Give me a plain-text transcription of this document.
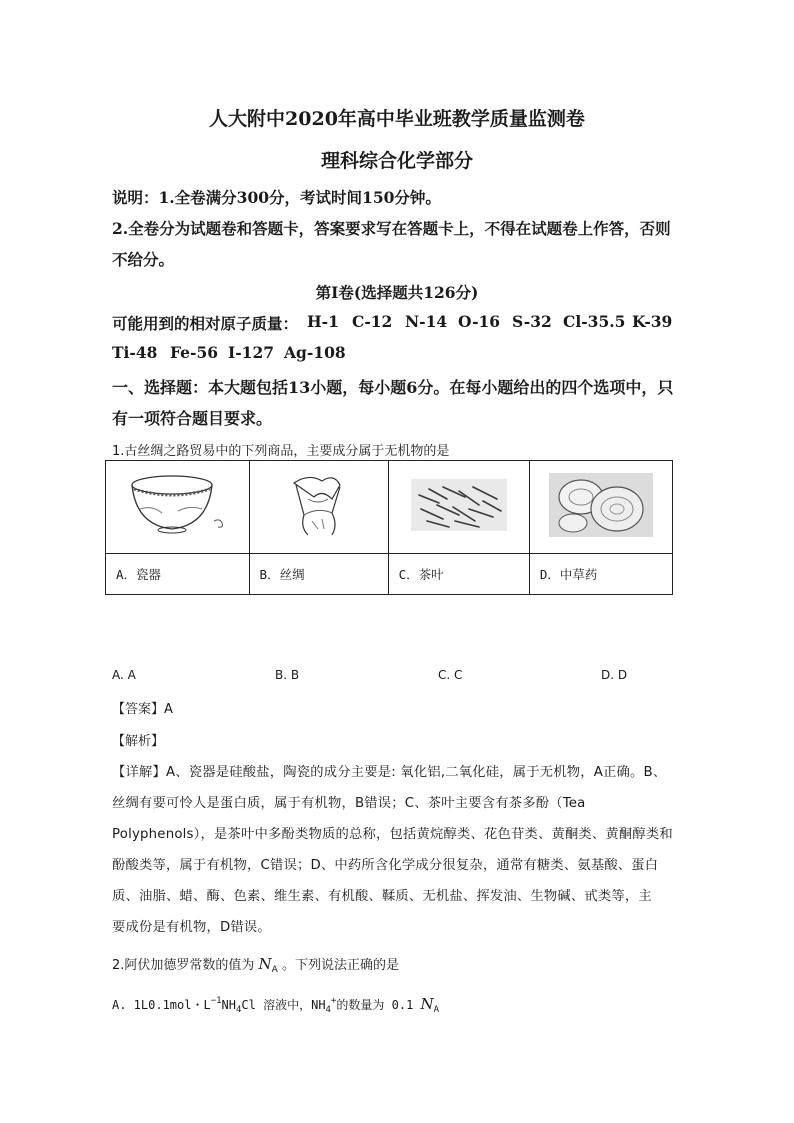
人大附中2020年高中毕业班教学质量监测卷
理科综合化学部分
说明：1.全卷满分300分，考试时间150分钟。
2.全卷分为试题卷和答题卡，答案要求写在答题卡上，不得在试题卷上作答，否则
不给分。
第Ⅰ卷(选择题共126分)
可能用到的相对原子质量： H-1 C-12 N-14 O-16 S-32 Cl-35.5 K-39
Ti-48 Fe-56 I-127 Ag-108
一、选择题：本大题包括13小题，每小题6分。在每小题给出的四个选项中，只
有一项符合题目要求。
1.古丝绸之路贸易中的下列商品，主要成分属于无机物的是

A．瓷器	B．丝绸	C．茶叶	D．中草药
A. A	B. B	C. C	D. D
【答案】A
【解析】
【详解】A、瓷器是硅酸盐，陶瓷的成分主要是: 氧化铝,二氧化硅，属于无机物，A正确。B、
丝绸有要可怜人是蛋白质，属于有机物，B错误；C、茶叶主要含有茶多酚（Tea
Polyphenols），是茶叶中多酚类物质的总称，包括黄烷醇类、花色苷类、黄酮类、黄酮醇类和
酚酸类等，属于有机物，C错误；D、中药所含化学成分很复杂，通常有糖类、氨基酸、蛋白
质、油脂、蜡、酶、色素、维生素、有机酸、鞣质、无机盐、挥发油、生物碱、甙类等，主
要成份是有机物，D错误。
2.阿伏加德罗常数的值为 $N_A$ 。下列说法正确的是
A. 1L0.1mol・$L^{-1}NH_4Cl$ 溶液中，$NH_4^+$的数量为 0.1 $N_A$
